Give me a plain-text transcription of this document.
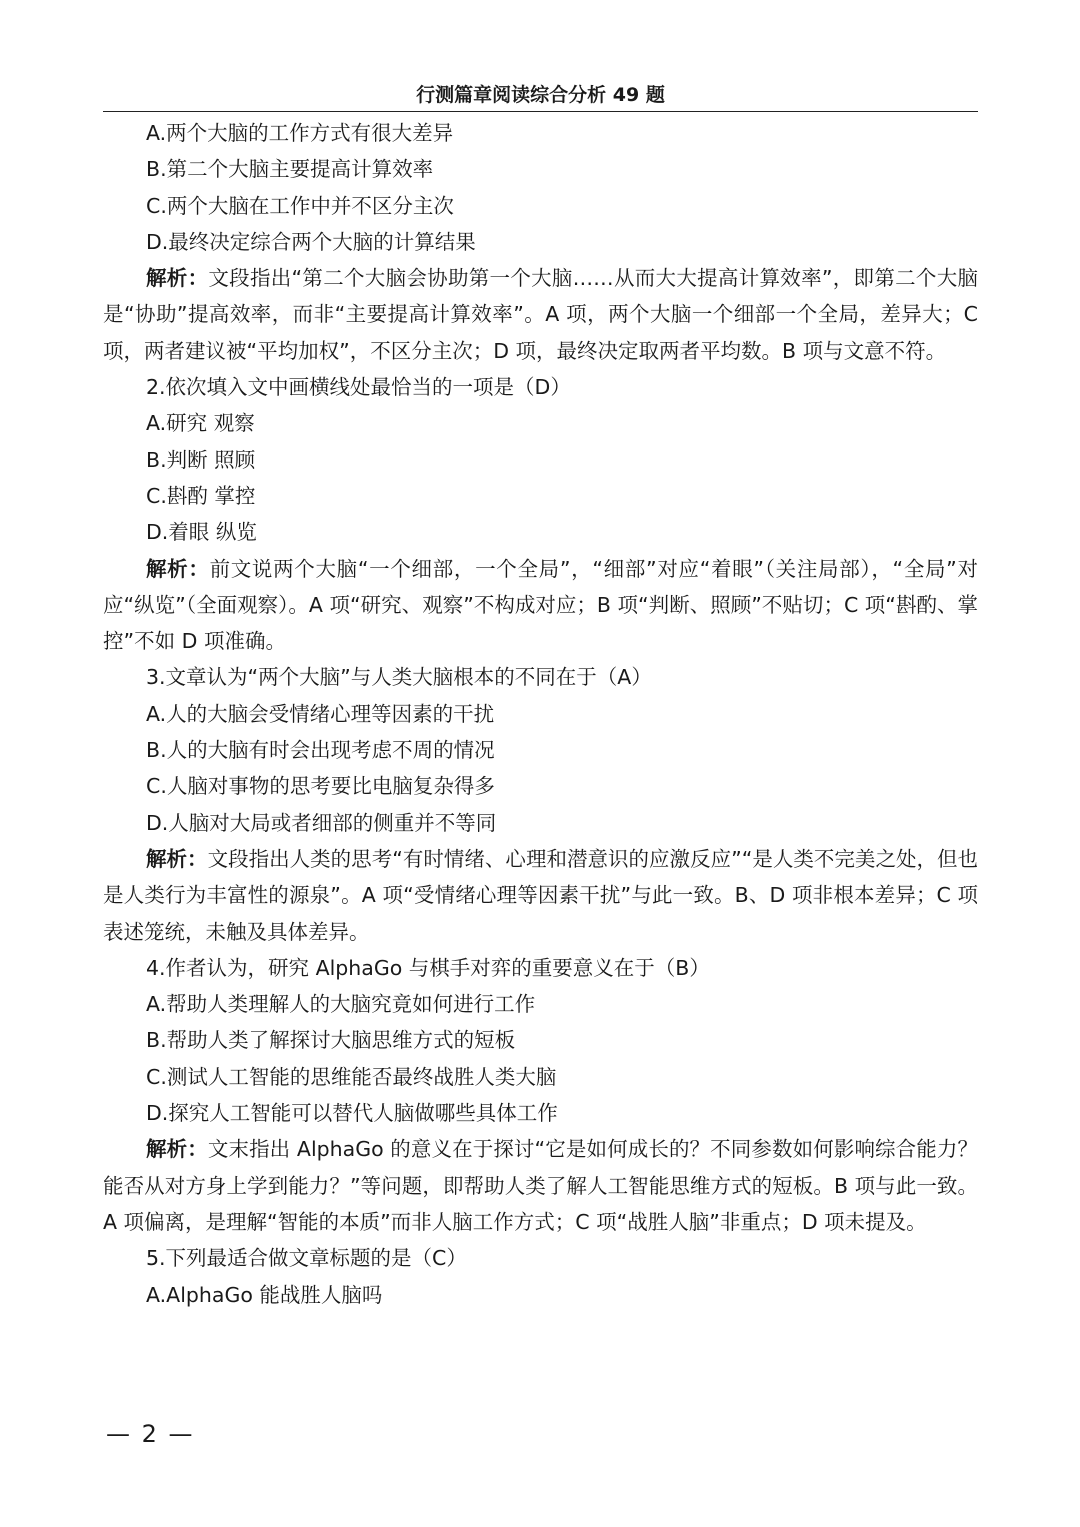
行测篇章阅读综合分析 49 题

A.两个大脑的工作方式有很大差异

B.第二个大脑主要提高计算效率

C.两个大脑在工作中并不区分主次

D.最终决定综合两个大脑的计算结果

解析：文段指出“第二个大脑会协助第一个大脑……从而大大提高计算效率”，即第二个大脑是“协助”提高效率，而非“主要提高计算效率”。A 项，两个大脑一个细部一个全局，差异大；C 项，两者建议被“平均加权”，不区分主次；D 项，最终决定取两者平均数。B 项与文意不符。

2.依次填入文中画横线处最恰当的一项是（D）

A.研究 观察

B.判断 照顾

C.斟酌 掌控

D.着眼 纵览

解析：前文说两个大脑“一个细部，一个全局”，“细部”对应“着眼”（关注局部），“全局”对应“纵览”（全面观察）。A 项“研究、观察”不构成对应；B 项“判断、照顾”不贴切；C 项“斟酌、掌控”不如 D 项准确。

3.文章认为“两个大脑”与人类大脑根本的不同在于（A）

A.人的大脑会受情绪心理等因素的干扰

B.人的大脑有时会出现考虑不周的情况

C.人脑对事物的思考要比电脑复杂得多

D.人脑对大局或者细部的侧重并不等同

解析：文段指出人类的思考“有时情绪、心理和潜意识的应激反应”“是人类不完美之处，但也是人类行为丰富性的源泉”。A 项“受情绪心理等因素干扰”与此一致。B、D 项非根本差异；C 项表述笼统，未触及具体差异。

4.作者认为，研究 AlphaGo 与棋手对弈的重要意义在于（B）

A.帮助人类理解人的大脑究竟如何进行工作

B.帮助人类了解探讨大脑思维方式的短板

C.测试人工智能的思维能否最终战胜人类大脑

D.探究人工智能可以替代人脑做哪些具体工作

解析：文末指出 AlphaGo 的意义在于探讨“它是如何成长的？不同参数如何影响综合能力？能否从对方身上学到能力？”等问题，即帮助人类了解人工智能思维方式的短板。B 项与此一致。A 项偏离，是理解“智能的本质”而非人脑工作方式；C 项“战胜人脑”非重点；D 项未提及。

5.下列最适合做文章标题的是（C）

A.AlphaGo 能战胜人脑吗

— 2 —
